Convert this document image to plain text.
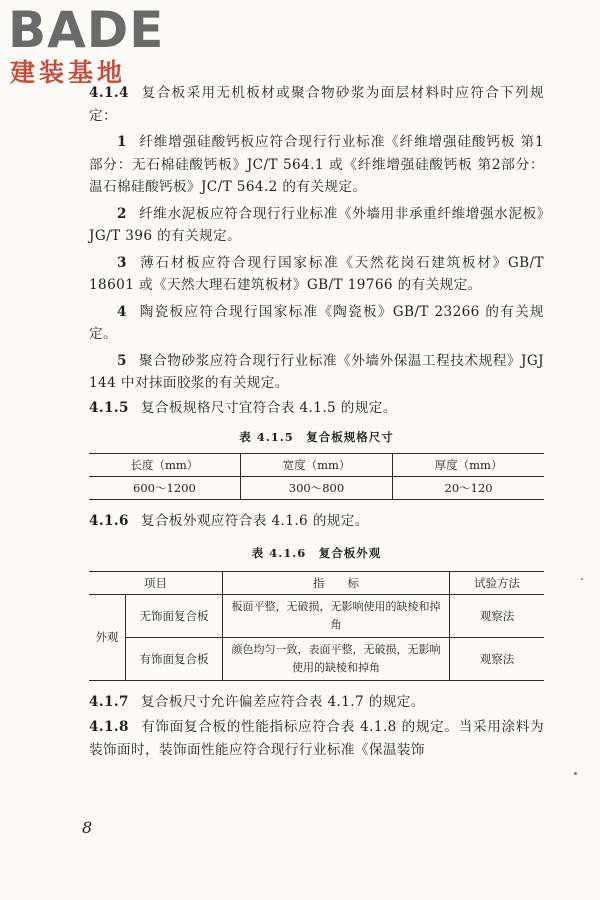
BADE

建装基地

4.1.4 复合板采用无机板材或聚合物砂浆为面层材料时应符合下列规定：

1 纤维增强硅酸钙板应符合现行行业标准《纤维增强硅酸钙板 第1部分：无石棉硅酸钙板》JC/T 564.1 或《纤维增强硅酸钙板 第2部分：温石棉硅酸钙板》JC/T 564.2 的有关规定。

2 纤维水泥板应符合现行行业标准《外墙用非承重纤维增强水泥板》JG/T 396 的有关规定。

3 薄石材板应符合现行国家标准《天然花岗石建筑板材》GB/T 18601 或《天然大理石建筑板材》GB/T 19766 的有关规定。

4 陶瓷板应符合现行国家标准《陶瓷板》GB/T 23266 的有关规定。

5 聚合物砂浆应符合现行行业标准《外墙外保温工程技术规程》JGJ 144 中对抹面胶浆的有关规定。

4.1.5 复合板规格尺寸宜符合表 4.1.5 的规定。

表 4.1.5　复合板规格尺寸

长度（mm）	宽度（mm）	厚度（mm）
600～1200	300～800	20～120

4.1.6 复合板外观应符合表 4.1.6 的规定。

表 4.1.6　复合板外观

项目		指　　标	试验方法
外观	无饰面复合板	板面平整，无破损，无影响使用的缺棱和掉角	观察法
	有饰面复合板	颜色均匀一致，表面平整，无破损，无影响使用的缺棱和掉角	观察法

4.1.7 复合板尺寸允许偏差应符合表 4.1.7 的规定。

4.1.8 有饰面复合板的性能指标应符合表 4.1.8 的规定。当采用涂料为装饰面时，装饰面性能应符合现行行业标准《保温装饰

8
